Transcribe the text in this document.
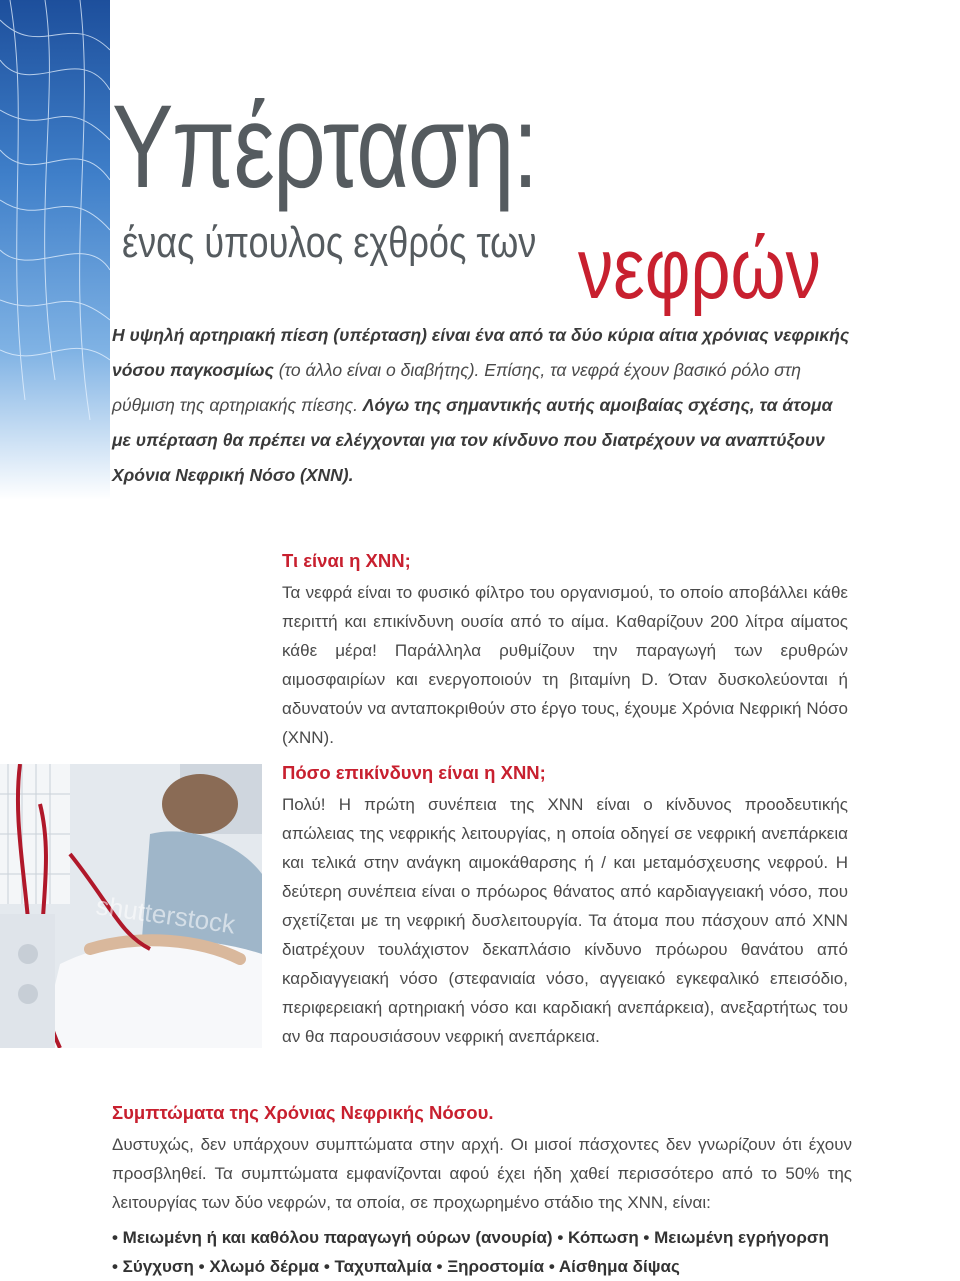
Υπέρταση:
ένας ύπουλος εχθρός των νεφρών

Η υψηλή αρτηριακή πίεση (υπέρταση) είναι ένα από τα δύο κύρια αίτια χρόνιας νεφρικής νόσου παγκοσμίως (το άλλο είναι ο διαβήτης). Επίσης, τα νεφρά έχουν βασικό ρόλο στη ρύθμιση της αρτηριακής πίεσης. Λόγω της σημαντικής αυτής αμοιβαίας σχέσης, τα άτομα με υπέρταση θα πρέπει να ελέγχονται για τον κίνδυνο που διατρέχουν να αναπτύξουν Χρόνια Νεφρική Νόσο (ΧΝΝ).

Τι είναι η ΧΝΝ;

Τα νεφρά είναι το φυσικό φίλτρο του οργανισμού, το οποίο αποβάλλει κάθε περιττή και επικίνδυνη ουσία από το αίμα. Καθαρίζουν 200 λίτρα αίματος κάθε μέρα! Παράλληλα ρυθμίζουν την παραγωγή των ερυθρών αιμοσφαιρίων και ενεργοποιούν τη βιταμίνη D. Όταν δυσκολεύονται ή αδυνατούν να ανταποκριθούν στο έργο τους, έχουμε Χρόνια Νεφρική Νόσο (ΧΝΝ).

shutterstock
Πόσο επικίνδυνη είναι η ΧΝΝ;

Πολύ! Η πρώτη συνέπεια της ΧΝΝ είναι ο κίνδυνος προοδευτικής απώλειας της νεφρικής λειτουργίας, η οποία οδηγεί σε νεφρική ανεπάρκεια και τελικά στην ανάγκη αιμοκάθαρσης ή / και μεταμόσχευσης νεφρού. Η δεύτερη συνέπεια είναι ο πρόωρος θάνατος από καρδιαγγειακή νόσο, που σχετίζεται με τη νεφρική δυσλειτουργία. Τα άτομα που πάσχουν από ΧΝΝ διατρέχουν τουλάχιστον δεκαπλάσιο κίνδυνο πρόωρου θανάτου από καρδιαγγειακή νόσο (στεφανιαία νόσο, αγγειακό εγκεφαλικό επεισόδιο, περιφερειακή αρτηριακή νόσο και καρδιακή ανεπάρκεια), ανεξαρτήτως του αν θα παρουσιάσουν νεφρική ανεπάρκεια.

Συμπτώματα της Χρόνιας Νεφρικής Νόσου.

Δυστυχώς, δεν υπάρχουν συμπτώματα στην αρχή. Οι μισοί πάσχοντες δεν γνωρίζουν ότι έχουν προσβληθεί. Τα συμπτώματα εμφανίζονται αφού έχει ήδη χαθεί περισσότερο από το 50% της λειτουργίας των δύο νεφρών, τα οποία, σε προχωρημένο στάδιο της ΧΝΝ, είναι:

• Μειωμένη ή και καθόλου παραγωγή ούρων (ανουρία) • Κόπωση • Μειωμένη εγρήγορση

• Σύγχυση • Χλωμό δέρμα • Ταχυπαλμία • Ξηροστομία • Αίσθημα δίψας
